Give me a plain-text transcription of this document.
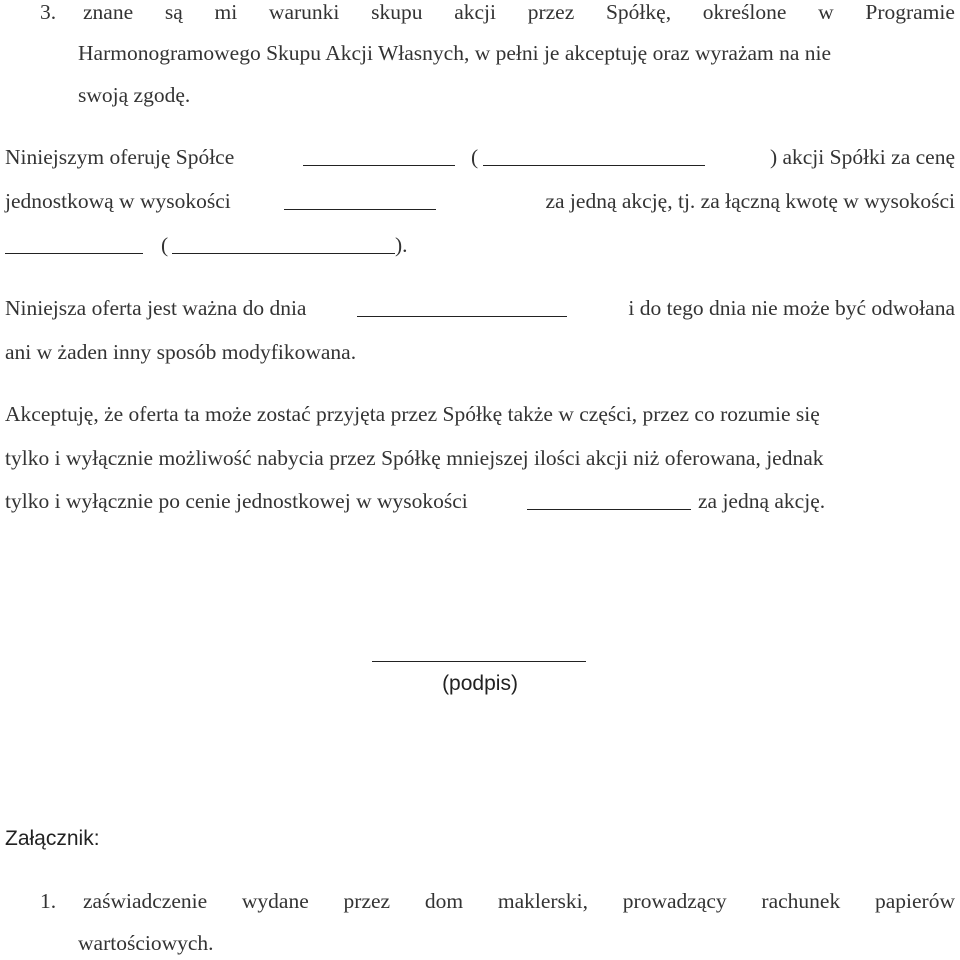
3. znane są mi warunki skupu akcji przez Spółkę, określone w Programie
Harmonogramowego Skupu Akcji Własnych, w pełni je akceptuję oraz wyrażam na nie
swoją zgodę.
Niniejszym oferuję Spółce	(	) akcji Spółki za cenę
jednostkową w wysokości	za jedną akcję, tj. za łączną kwotę w wysokości
(	).
Niniejsza oferta jest ważna do dnia	i do tego dnia nie może być odwołana
ani w żaden inny sposób modyfikowana.
Akceptuję, że oferta ta może zostać przyjęta przez Spółkę także w części, przez co rozumie się
tylko i wyłącznie możliwość nabycia przez Spółkę mniejszej ilości akcji niż oferowana, jednak
tylko i wyłącznie po cenie jednostkowej w wysokości	za jedną akcję.
(podpis)
Załącznik:
1. zaświadczenie wydane przez dom maklerski, prowadzący rachunek papierów
wartościowych.
